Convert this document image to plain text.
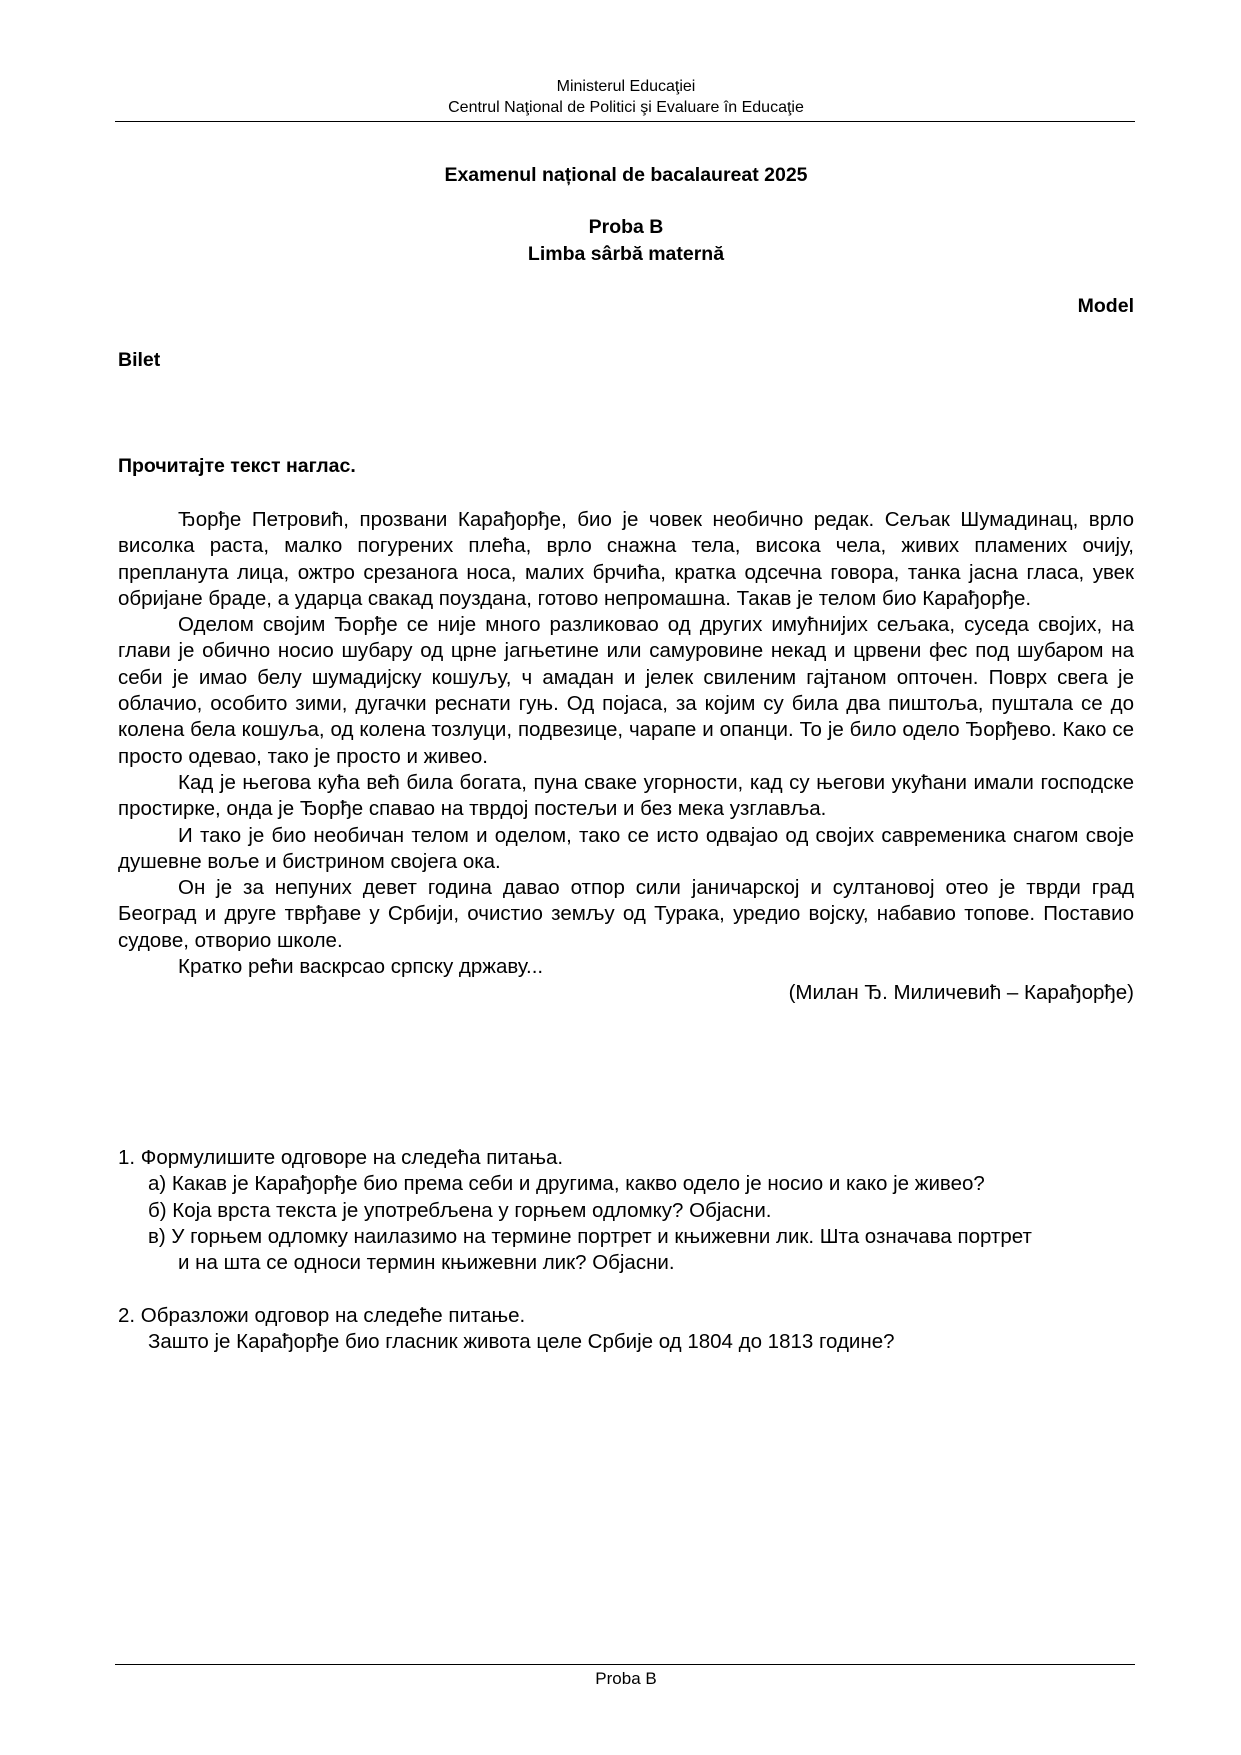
Ministerul Educaţiei
Centrul Naţional de Politici şi Evaluare în Educaţie
Examenul național de bacalaureat 2025
Proba B
Limba sârbă maternă
Model
Bilet
Прочитајте текст наглас.

Ђорђе Петровић, прозвани Карађорђе, био је човек необично редак. Сељак Шумадинац, врло висолка раста, малко погурених плећа, врло снажна тела, висока чела, живих пламених очију, препланута лица, ожтро срезанога носа, малих брчића, кратка одсечна говора, танка јасна гласа, увек обријане браде, а ударца свакад поуздана, готово непромашна. Такав је телом био Карађорђе.

Оделом својим Ђорђе се није много разликовао од других имућнијих сељака, суседа својих, на глави је обично носио шубару од црне јагњетине или самуровине некад и црвени фес под шубаром на себи је имао белу шумадијску кошуљу, ч амадан и јелек свиленим гајтаном опточен. Поврх свега је облачио, особито зими, дугачки реснати гуњ. Од појаса, за којим су била два пиштоља, пуштала се до колена бела кошуља, од колена тозлуци, подвезице, чарапе и опанци. То је било одело Ђорђево. Како се просто одевао, тако је просто и живео.

Кад је његова кућа већ била богата, пуна сваке угорности, кад су његови укућани имали господске простирке, онда је Ђорђе спавао на тврдој постељи и без мека узглавља.

И тако је био необичан телом и оделом, тако се исто одвајао од својих савременика снагом своје душевне воље и бистрином својега ока.

Он је за непуних девет година давао отпор сили јаничарској и султановој отео је тврди град Београд и друге тврђаве у Србији, очистио земљу од Турака, уредио војску, набавио топове. Поставио судове, отворио школе.

Кратко рећи васкрсао српску државу...

(Милан Ђ. Миличевић – Карађорђе)
1. Формулишите одговоре на следећа питања.
а) Какав је Карађорђе био према себи и другима, какво одело је носио и како је живео?
б) Која врста текста је употребљена у горњем одломку? Објасни.
в) У горњем одломку наилазимо на термине портрет и књижевни лик. Шта означава портрет
и на шта се односи термин књижевни лик? Објасни.
2. Образложи одговор на следеће питање.
Зашто је Карађорђе био гласник живота целе Србије од 1804 до 1813 године?
Proba B
